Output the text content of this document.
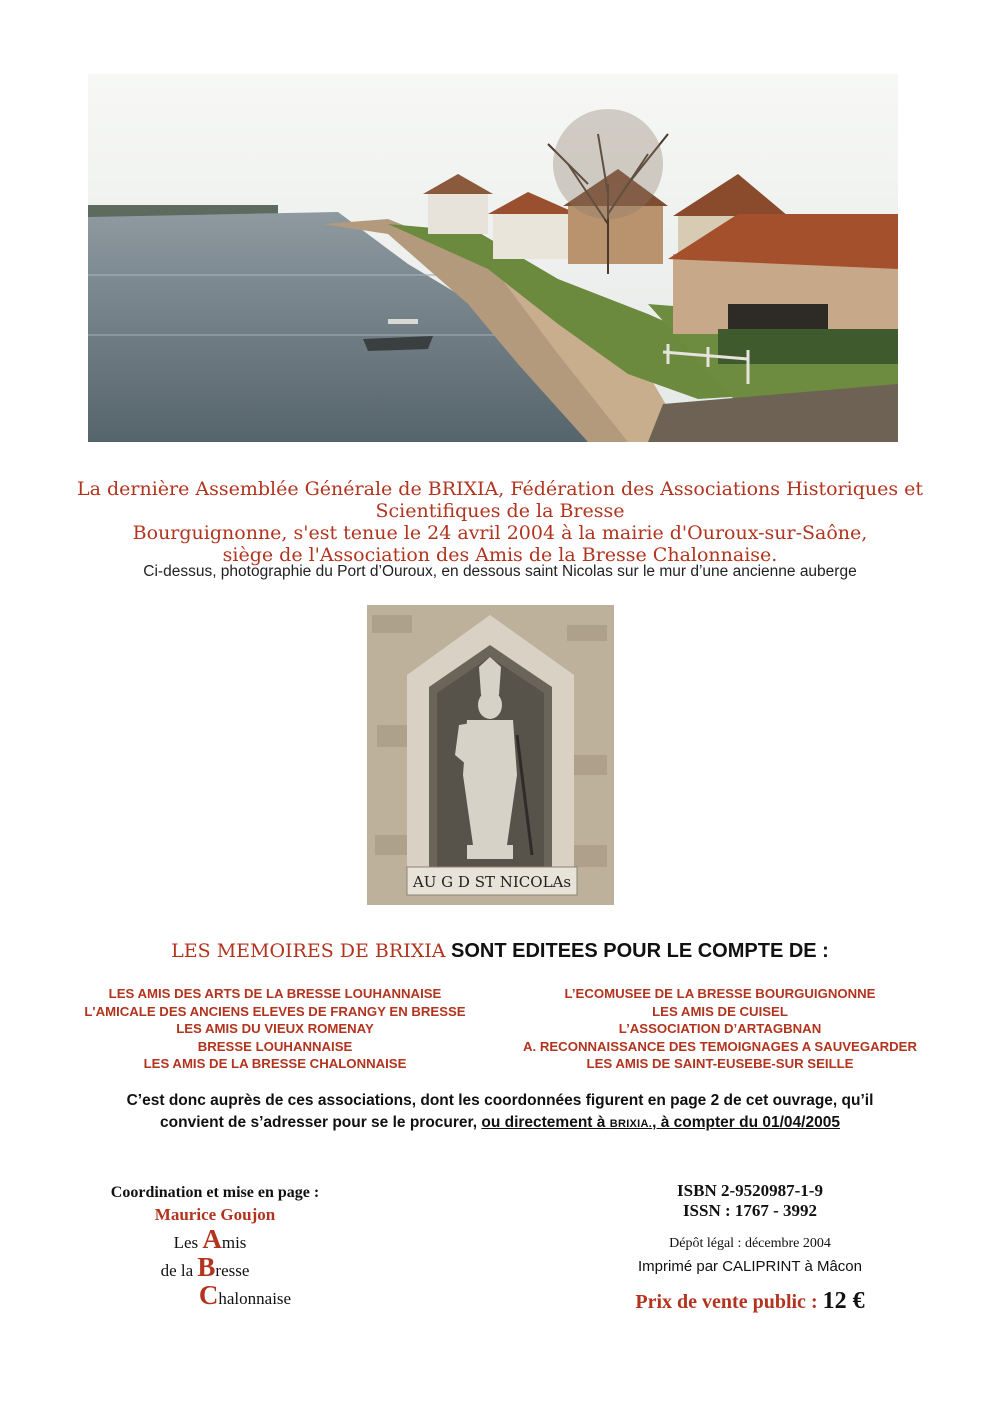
La dernière Assemblée Générale de BRIXIA, Fédération des Associations Historiques et Scientifiques de la Bresse
Bourguignonne, s'est tenue le 24 avril 2004 à la mairie d'Ouroux-sur-Saône,
siège de l'Association des Amis de la Bresse Chalonnaise.
Ci-dessus, photographie du Port d’Ouroux, en dessous saint Nicolas sur le mur d’une ancienne auberge
AU G D ST NICOLAs
LES MEMOIRES DE BRIXIA SONT EDITEES POUR LE COMPTE DE :
LES AMIS DES ARTS DE LA BRESSE LOUHANNAISE
L'AMICALE DES ANCIENS ELEVES DE FRANGY EN BRESSE
LES AMIS DU VIEUX ROMENAY
BRESSE LOUHANNAISE
LES AMIS DE LA BRESSE CHALONNAISE
L’ECOMUSEE DE LA BRESSE BOURGUIGNONNE
LES AMIS DE CUISEL
L’ASSOCIATION D’ARTAGBNAN
A. RECONNAISSANCE DES TEMOIGNAGES A SAUVEGARDER
LES AMIS DE SAINT-EUSEBE-SUR SEILLE
C’est donc auprès de ces associations, dont les coordonnées figurent en page 2 de cet ouvrage, qu’il
convient de s’adresser pour se le procurer, ou directement à BRIXIA., à compter du 01/04/2005
Coordination et mise en page :
Maurice Goujon
Les Amis
de la Bresse
Chalonnaise
ISBN 2-9520987-1-9
ISSN : 1767 - 3992
Dépôt légal : décembre 2004
Imprimé par CALIPRINT à Mâcon
Prix de vente public : 12 €
